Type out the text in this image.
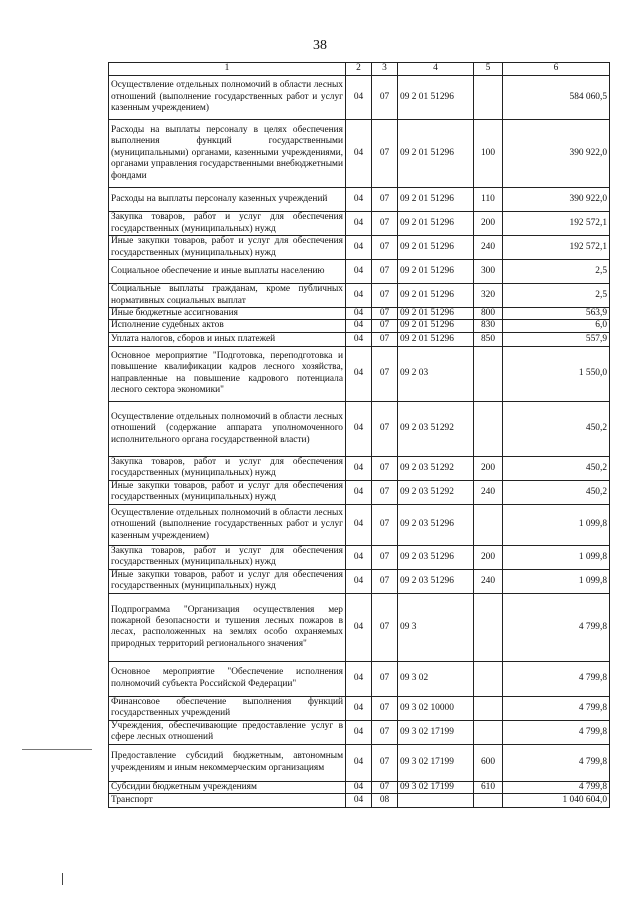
38
1	2	3	4	5	6
Осуществление отдельных полномочий в области лесных отношений (выполнение государственных работ и услуг казенным учреждением)	04	07	09 2 01 51296		584 060,5
Расходы на выплаты персоналу в целях обеспечения выполнения функций государственными (муниципальными) органами, казенными учреждениями, органами управления государственными внебюджетными фондами	04	07	09 2 01 51296	100	390 922,0
Расходы на выплаты персоналу казенных учреждений	04	07	09 2 01 51296	110	390 922,0
Закупка товаров, работ и услуг для обеспечения государственных (муниципальных) нужд	04	07	09 2 01 51296	200	192 572,1
Иные закупки товаров, работ и услуг для обеспечения государственных (муниципальных) нужд	04	07	09 2 01 51296	240	192 572,1
Социальное обеспечение и иные выплаты населению	04	07	09 2 01 51296	300	2,5
Социальные выплаты гражданам, кроме публичных нормативных социальных выплат	04	07	09 2 01 51296	320	2,5
Иные бюджетные ассигнования	04	07	09 2 01 51296	800	563,9
Исполнение судебных актов	04	07	09 2 01 51296	830	6,0
Уплата налогов, сборов и иных платежей	04	07	09 2 01 51296	850	557,9
Основное мероприятие "Подготовка, переподготовка и повышение квалификации кадров лесного хозяйства, направленные на повышение кадрового потенциала лесного сектора экономики"	04	07	09 2 03		1 550,0
Осуществление отдельных полномочий в области лесных отношений (содержание аппарата уполномоченного исполнительного органа государственной власти)	04	07	09 2 03 51292		450,2
Закупка товаров, работ и услуг для обеспечения государственных (муниципальных) нужд	04	07	09 2 03 51292	200	450,2
Иные закупки товаров, работ и услуг для обеспечения государственных (муниципальных) нужд	04	07	09 2 03 51292	240	450,2
Осуществление отдельных полномочий в области лесных отношений (выполнение государственных работ и услуг казенным учреждением)	04	07	09 2 03 51296		1 099,8
Закупка товаров, работ и услуг для обеспечения государственных (муниципальных) нужд	04	07	09 2 03 51296	200	1 099,8
Иные закупки товаров, работ и услуг для обеспечения государственных (муниципальных) нужд	04	07	09 2 03 51296	240	1 099,8
Подпрограмма "Организация осуществления мер пожарной безопасности и тушения лесных пожаров в лесах, расположенных на землях особо охраняемых природных территорий регионального значения"	04	07	09 3		4 799,8
Основное мероприятие "Обеспечение исполнения полномочий субъекта Российской Федерации"	04	07	09 3 02		4 799,8
Финансовое обеспечение выполнения функций государственных учреждений	04	07	09 3 02 10000		4 799,8
Учреждения, обеспечивающие предоставление услуг в сфере лесных отношений	04	07	09 3 02 17199		4 799,8
Предоставление субсидий бюджетным, автономным учреждениям и иным некоммерческим организациям	04	07	09 3 02 17199	600	4 799,8
Субсидии бюджетным учреждениям	04	07	09 3 02 17199	610	4 799,8
Транспорт	04	08			1 040 604,0
